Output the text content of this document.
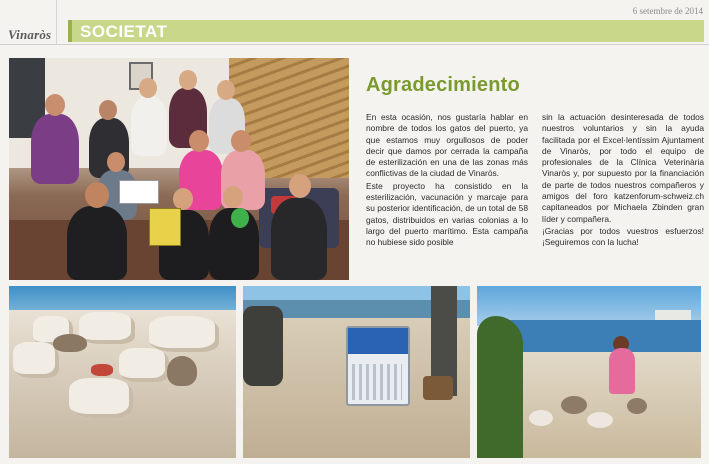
Vinaròs
6 setembre de 2014
SOCIETAT
Agradecimiento

En esta ocasión, nos gustaría hablar en nombre de todos los gatos del puerto, ya que estamos muy orgullosos de poder decir que damos por cerrada la campaña de esterilización en una de las zonas más conflictivas de la ciudad de Vinaròs.

Este proyecto ha consistido en la esterilización, vacunación y marcaje para su posterior identificación, de un total de 58 gatos, distribuidos en varias colonias a lo largo del puerto marítimo. Esta campaña no hubiese sido posible

sin la actuación desinteresada de todos nuestros voluntarios y sin la ayuda facilitada por el Excel·lentíssim Ajuntament de Vinaròs, por todo el equipo de profesionales de la Clínica Veterinària Vinaròs y, por supuesto por la financiación de parte de todos nuestros compañeros y amigos del foro katzenforum-schweiz.ch capitaneados por Michaela Zbinden gran líder y compañera.

¡Gracias por todos vuestros esfuerzos! ¡Seguiremos con la lucha!
